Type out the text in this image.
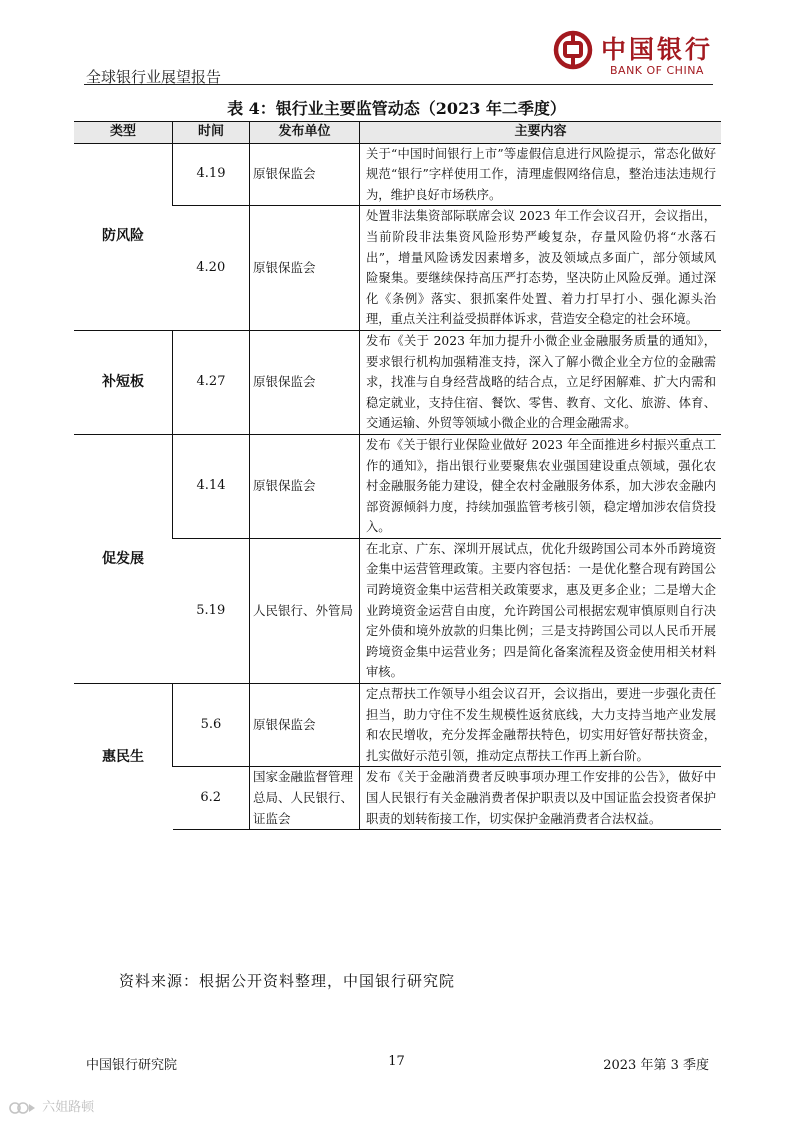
全球银行业展望报告
中国银行
BANK OF CHINA
表 4：银行业主要监管动态（2023 年二季度）
类型	时间	发布单位	主要内容
防风险	4.19	原银保监会	关于“中国时间银行上市”等虚假信息进行风险提示，常态化做好规范“银行”字样使用工作，清理虚假网络信息，整治违法违规行为，维护良好市场秩序。
	4.20	原银保监会	处置非法集资部际联席会议 2023 年工作会议召开，会议指出，当前阶段非法集资风险形势严峻复杂，存量风险仍将“水落石出”，增量风险诱发因素增多，波及领域点多面广，部分领域风险聚集。要继续保持高压严打态势，坚决防止风险反弹。通过深化《条例》落实、狠抓案件处置、着力打早打小、强化源头治理，重点关注利益受损群体诉求，营造安全稳定的社会环境。
补短板	4.27	原银保监会	发布《关于 2023 年加力提升小微企业金融服务质量的通知》，要求银行机构加强精准支持，深入了解小微企业全方位的金融需求，找准与自身经营战略的结合点，立足纾困解难、扩大内需和稳定就业，支持住宿、餐饮、零售、教育、文化、旅游、体育、交通运输、外贸等领域小微企业的合理金融需求。
促发展	4.14	原银保监会	发布《关于银行业保险业做好 2023 年全面推进乡村振兴重点工作的通知》，指出银行业要聚焦农业强国建设重点领域，强化农村金融服务能力建设，健全农村金融服务体系，加大涉农金融内部资源倾斜力度，持续加强监管考核引领，稳定增加涉农信贷投入。
	5.19	人民银行、外管局	在北京、广东、深圳开展试点，优化升级跨国公司本外币跨境资金集中运营管理政策。主要内容包括：一是优化整合现有跨国公司跨境资金集中运营相关政策要求，惠及更多企业；二是增大企业跨境资金运营自由度，允许跨国公司根据宏观审慎原则自行决定外债和境外放款的归集比例；三是支持跨国公司以人民币开展跨境资金集中运营业务；四是简化备案流程及资金使用相关材料审核。
惠民生	5.6	原银保监会	定点帮扶工作领导小组会议召开，会议指出，要进一步强化责任担当，助力守住不发生规模性返贫底线，大力支持当地产业发展和农民增收，充分发挥金融帮扶特色，切实用好管好帮扶资金，扎实做好示范引领，推动定点帮扶工作再上新台阶。
	6.2	国家金融监督管理总局、人民银行、证监会	发布《关于金融消费者反映事项办理工作安排的公告》，做好中国人民银行有关金融消费者保护职责以及中国证监会投资者保护职责的划转衔接工作，切实保护金融消费者合法权益。
资料来源：根据公开资料整理，中国银行研究院
中国银行研究院	17	2023 年第 3 季度
六姐路顿
